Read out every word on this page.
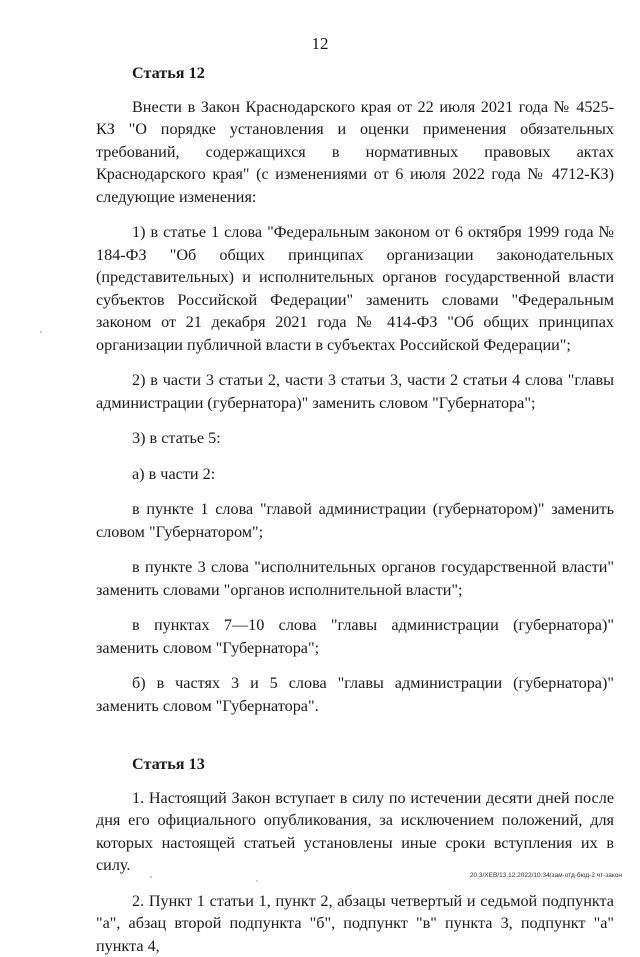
12
Статья 12

Внести в Закон Краснодарского края от 22 июля 2021 года № 4525-КЗ "О порядке установления и оценки применения обязательных требований, содержащихся в нормативных правовых актах Краснодарского края" (с изменениями от 6 июля 2022 года № 4712-КЗ) следующие изменения:

1) в статье 1 слова "Федеральным законом от 6 октября 1999 года № 184-ФЗ "Об общих принципах организации законодательных (представительных) и исполнительных органов государственной власти субъектов Российской Федерации" заменить словами "Федеральным законом от 21 декабря 2021 года № 414-ФЗ "Об общих принципах организации публичной власти в субъектах Российской Федерации";

2) в части 3 статьи 2, части 3 статьи 3, части 2 статьи 4 слова "главы администрации (губернатора)" заменить словом "Губернатора";

3) в статье 5:

а) в части 2:

в пункте 1 слова "главой администрации (губернатором)" заменить словом "Губернатором";

в пункте 3 слова "исполнительных органов государственной власти" заменить словами "органов исполнительной власти";

в пунктах 7—10 слова "главы администрации (губернатора)" заменить словом "Губернатора";

б) в частях 3 и 5 слова "главы администрации (губернатора)" заменить словом "Губернатора".

Статья 13

1. Настоящий Закон вступает в силу по истечении десяти дней после дня его официального опубликования, за исключением положений, для которых настоящей статьей установлены иные сроки вступления их в силу.

2. Пункт 1 статьи 1, пункт 2, абзацы четвертый и седьмой подпункта "а", абзац второй подпункта "б", подпункт "в" пункта 3, подпункт "а" пункта 4,

20.3/XEB/13.12.2022/10:34/зам-отд-бюд-2 чт-закон
